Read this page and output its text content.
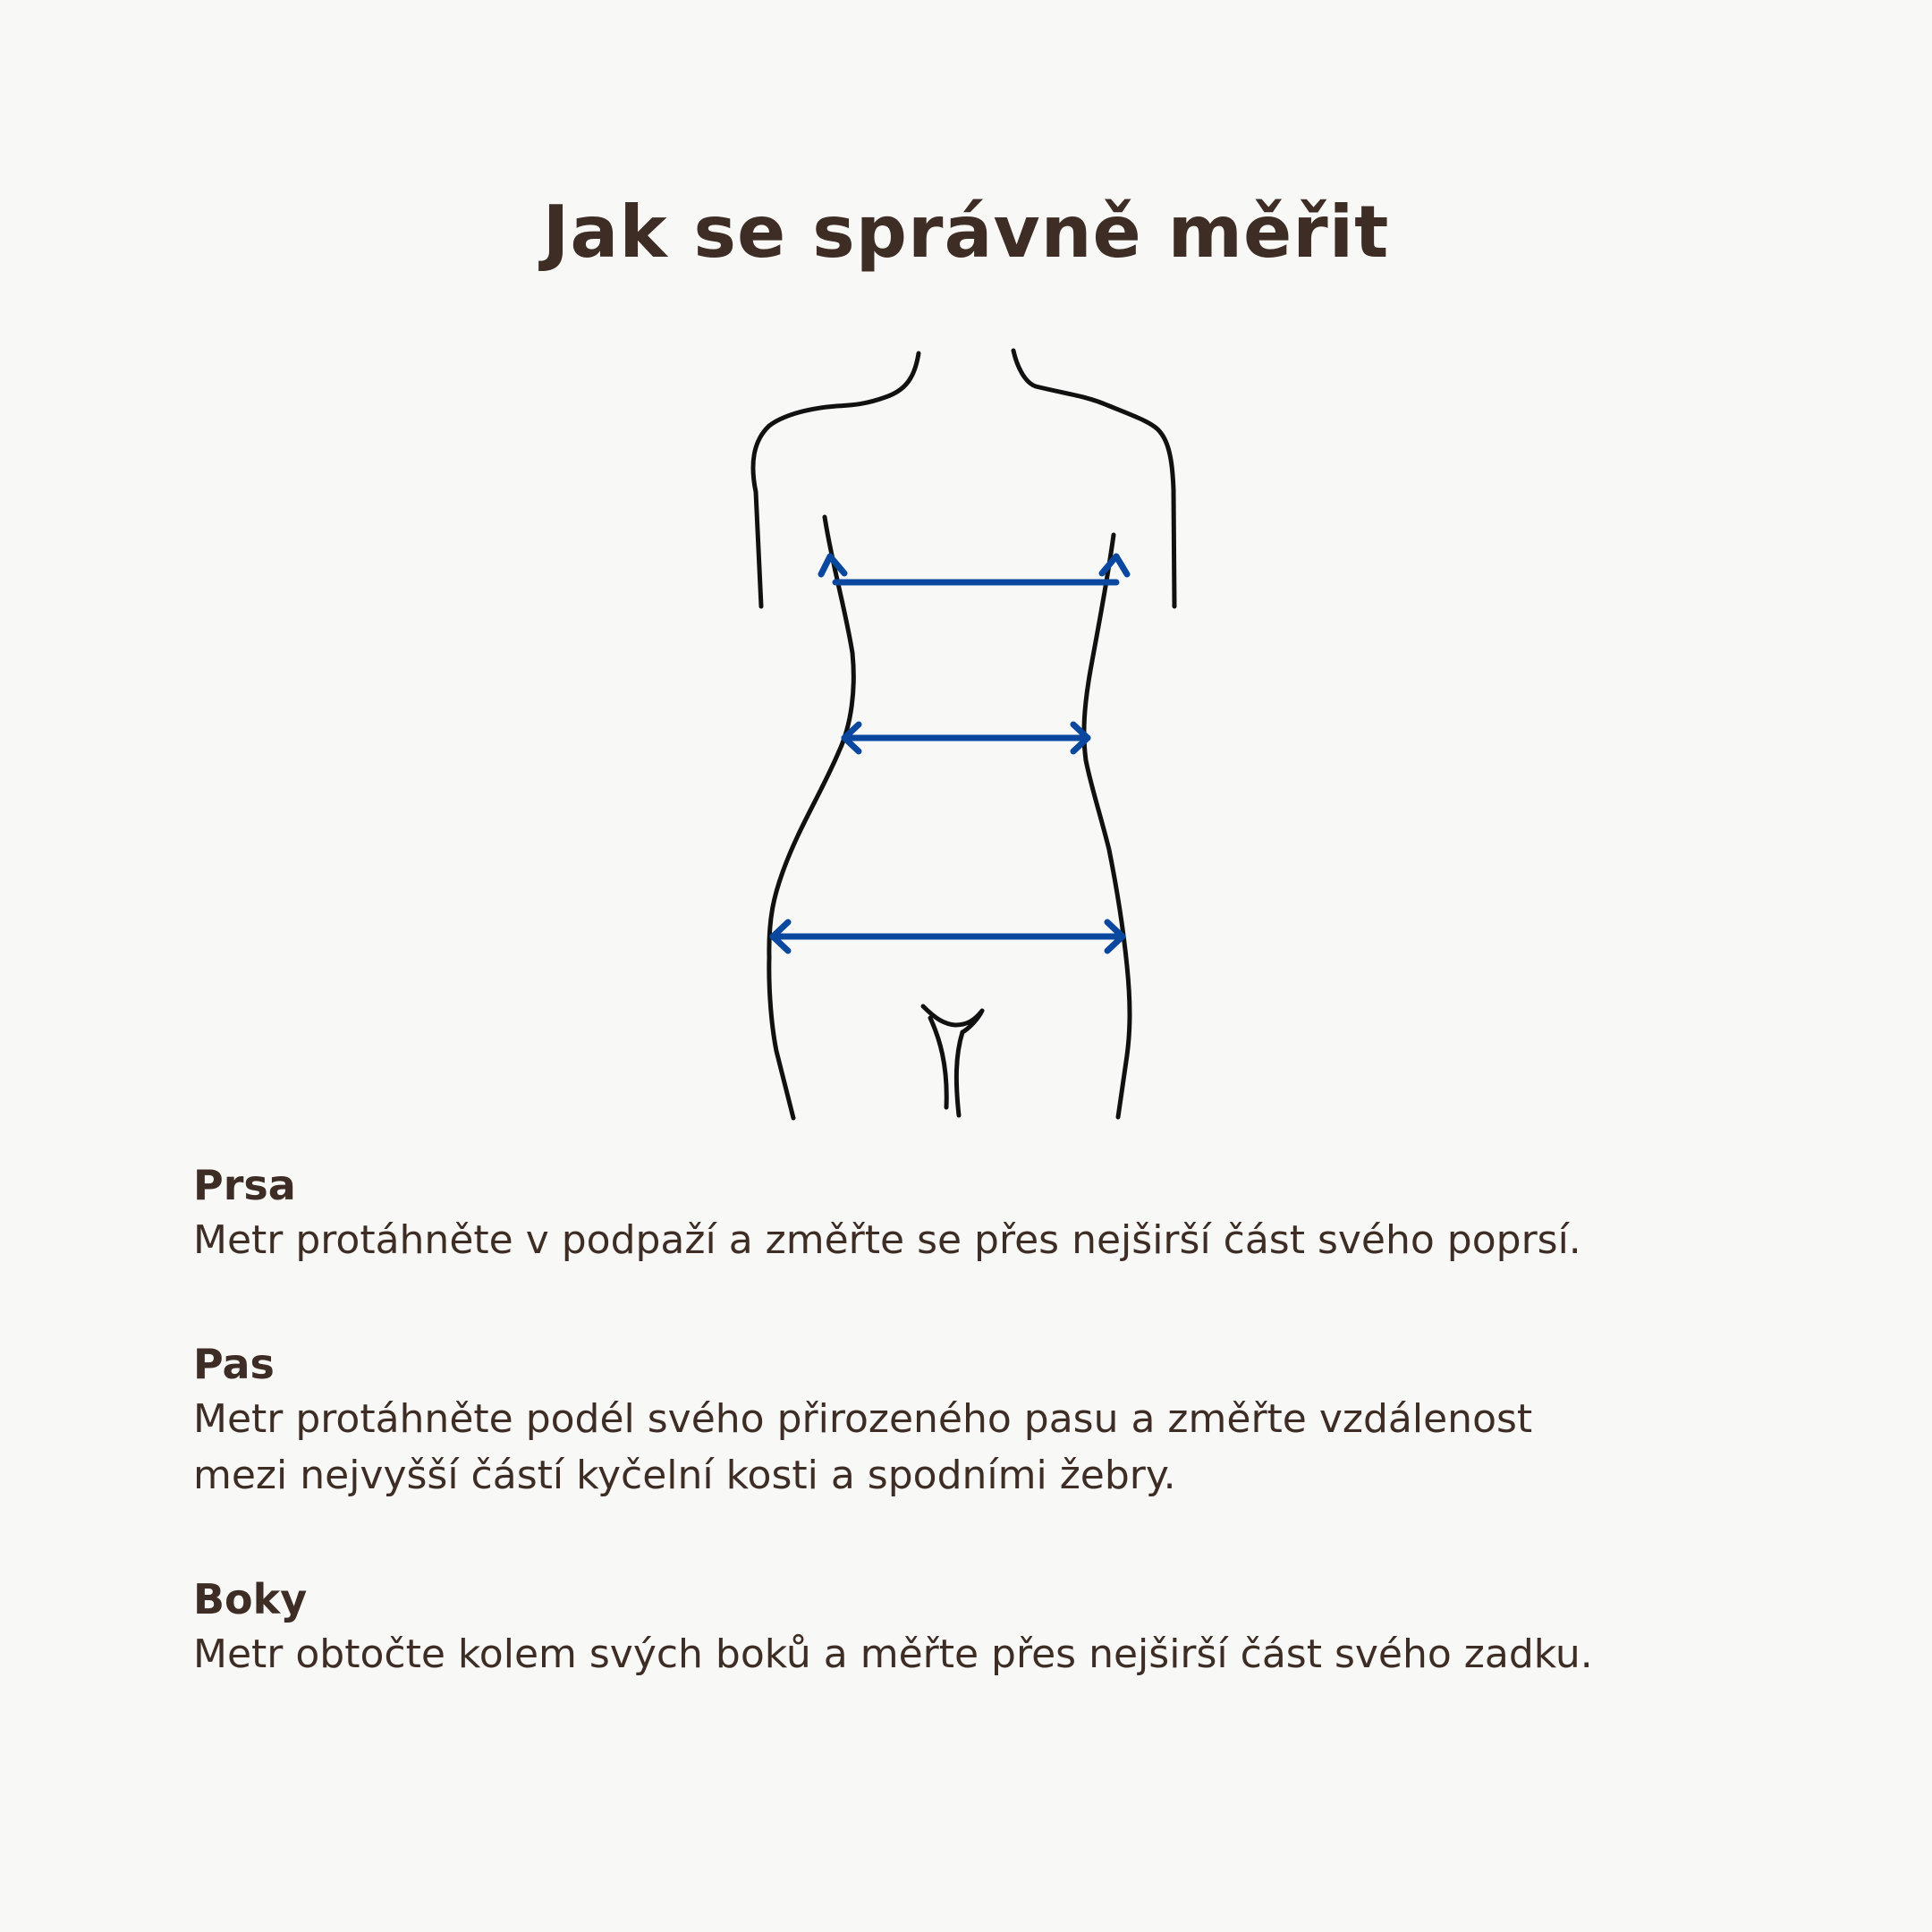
Jak se správně měřit

Prsa

Metr protáhněte v podpaží a změřte se přes nejširší část svého poprsí.

Pas

Metr protáhněte podél svého přirozeného pasu a změřte vzdálenost

mezi nejvyšší částí kyčelní kosti a spodními žebry.

Boky

Metr obtočte kolem svých boků a měřte přes nejširší část svého zadku.
